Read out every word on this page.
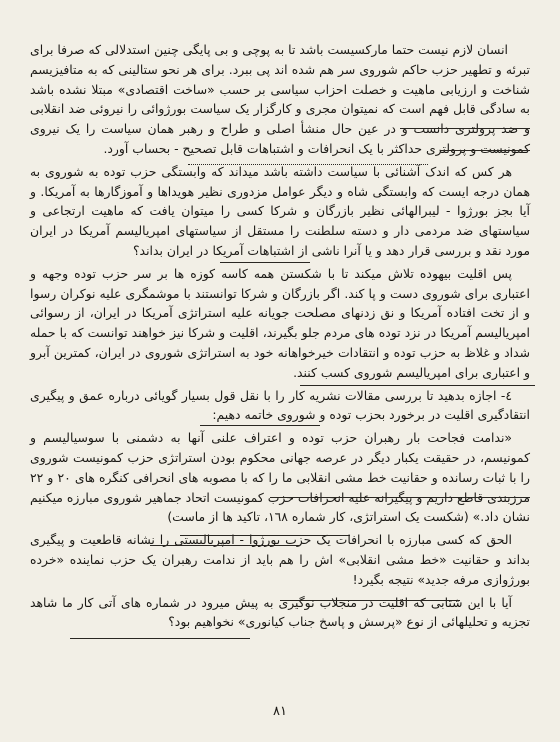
انسان لازم نیست حتما مارکسیست باشد تا به پوچی و بی پایگی چنین استدلالی که صرفا برای تبرئه و تطهیر حزب حاکم شوروی سر هم شده اند پی ببرد. برای هر نحو ستالینی که به متافیزیسم شناخت و ارزیابی ماهیت و خصلت احزاب سیاسی بر حسب «ساخت اقتصادی» مبتلا نشده باشد به سادگی قابل فهم است که نمیتوان مجری و کارگزار یک سیاست بورژوائی را نیروئی ضد انقلابی و ضد پرولتری دانست و در عین حال منشأ اصلی و طراح و رهبر همان سیاست را یک نیروی کمونیست و پرولتری حداکثر با یک انحرافات و اشتباهات قابل تصحیح - بحساب آورد.

هر کس که اندک آشنائی با سیاست داشته باشد میداند که وابستگی حزب توده به شوروی به همان درجه ایست که وابستگی شاه و دیگر عوامل مزدوری نظیر هویداها و آموزگارها به آمریکا. و آیا بجز بورژوا - لیبرالهائی نظیر بازرگان و شرکا کسی را میتوان یافت که ماهیت ارتجاعی و سیاستهای ضد مردمی دار و دسته سلطنت را مستقل از سیاستهای امپریالیسم آمریکا در ایران مورد نقد و بررسی قرار دهد و یا آنرا ناشی از اشتباهات آمریکا در ایران بداند؟

پس اقلیت بیهوده تلاش میکند تا با شکستن همه کاسه کوزه ها بر سر حزب توده وجهه و اعتباری برای شوروی دست و پا کند. اگر بازرگان و شرکا توانستند با موشمگری علیه نوکران رسوا و از تخت افتاده آمریکا و نق زدنهای مصلحت جویانه علیه استراتژی آمریکا در ایران، از رسوائی امپریالیسم آمریکا در نزد توده های مردم جلو بگیرند، اقلیت و شرکا نیز خواهند توانست که با حمله شداد و غلاظ به حزب توده و انتقادات خیرخواهانه خود به استراتژی شوروی در ایران، کمترین آبرو و اعتباری برای امپریالیسم شوروی کسب کنند.

٤- اجازه بدهید تا بررسی مقالات نشریه کار را با نقل قول بسیار گویائی درباره عمق و پیگیری انتقادگیری اقلیت در برخورد بحزب توده و شوروی خاتمه دهیم:

«ندامت فجاحت بار رهبران حزب توده و اعتراف علنی آنها به دشمنی با سوسیالیسم و کمونیسم، در حقیقت یکبار دیگر در عرصه جهانی محکوم بودن استراتژی حزب کمونیست شوروی را با ثبات رسانده و حقانیت خط مشی انقلابی ما را که با مصوبه های انحرافی کنگره های ٢٠ و ٢٢ مرزبندی قاطع داریم و پیگیرانه علیه انحرافات حزب کمونیست اتحاد جماهیر شوروی مبارزه میکنیم نشان داد.» (شکست یک استراتژی، کار شماره ١٦٨، تاکید ها از ماست)

الحق که کسی مبارزه با انحرافات یک حزب بورژوا - امپریالیستی را نشانه قاطعیت و پیگیری بداند و حقانیت «خط مشی انقلابی» اش را هم باید از ندامت رهبران یک حزب نماینده «خرده بورژوازی مرفه جدید» نتیجه بگیرد!

آیا با این شتابی که اقلیت در منجلاب نوگیری به پیش میرود در شماره های آتی کار ما شاهد تجزیه و تحلیلهائی از نوع «پرسش و پاسخ جناب کیانوری» نخواهیم بود؟

٨١
